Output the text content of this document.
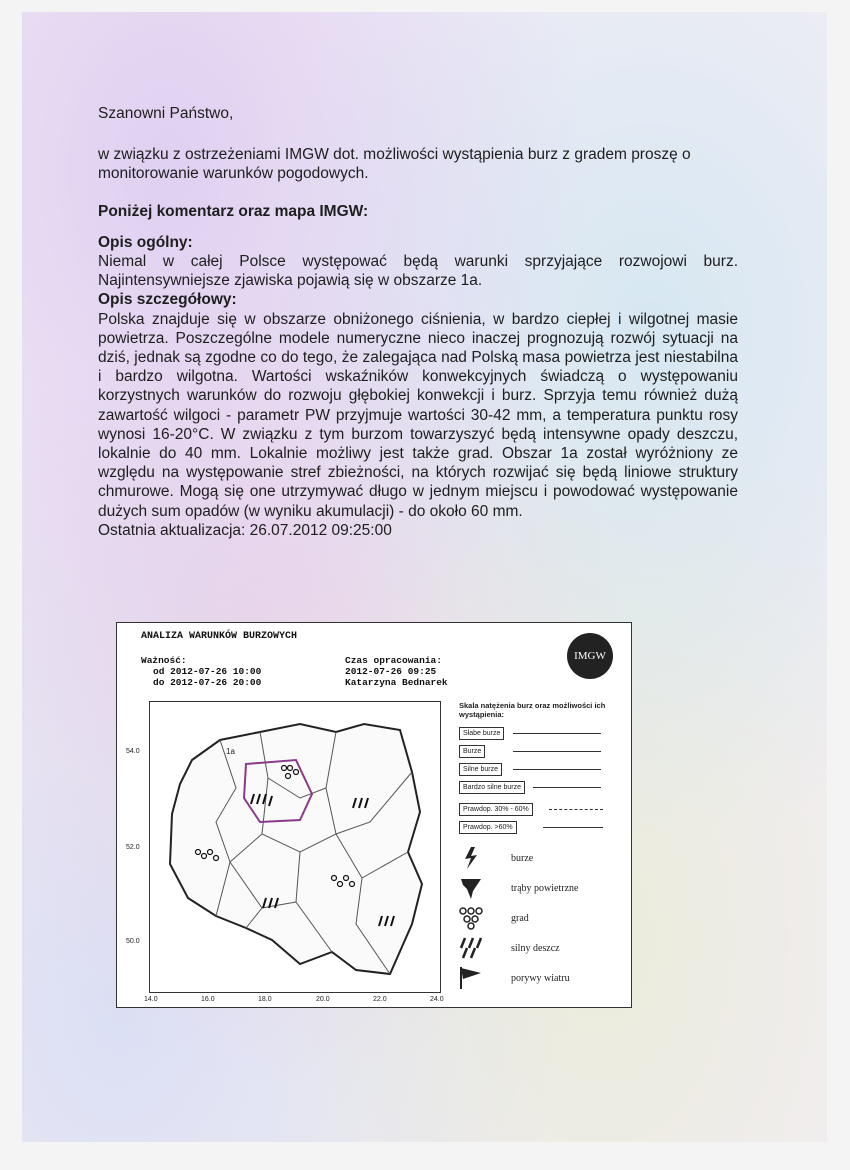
Szanowni Państwo,

w związku z ostrzeżeniami IMGW dot. możliwości wystąpienia burz z gradem proszę o monitorowanie warunków pogodowych.

Poniżej komentarz oraz mapa IMGW:

Opis ogólny:

Niemal w całej Polsce występować będą warunki sprzyjające rozwojowi burz. Najintensywniejsze zjawiska pojawią się w obszarze 1a.

Opis szczegółowy:

Polska znajduje się w obszarze obniżonego ciśnienia, w bardzo ciepłej i wilgotnej masie powietrza. Poszczególne modele numeryczne nieco inaczej prognozują rozwój sytuacji na dziś, jednak są zgodne co do tego, że zalegająca nad Polską masa powietrza jest niestabilna i bardzo wilgotna. Wartości wskaźników konwekcyjnych świadczą o występowaniu korzystnych warunków do rozwoju głębokiej konwekcji i burz. Sprzyja temu również dużą zawartość wilgoci - parametr PW przyjmuje wartości 30-42 mm, a temperatura punktu rosy wynosi 16-20°C. W związku z tym burzom towarzyszyć będą intensywne opady deszczu, lokalnie do 40 mm. Lokalnie możliwy jest także grad. Obszar 1a został wyróżniony ze względu na występowanie stref zbieżności, na których rozwijać się będą liniowe struktury chmurowe. Mogą się one utrzymywać długo w jednym miejscu i powodować występowanie dużych sum opadów (w wyniku akumulacji) - do około 60 mm.

Ostatnia aktualizacja: 26.07.2012 09:25:00

ANALIZA WARUNKÓW BURZOWYCH
Ważność:
od 2012-07-26 10:00
do 2012-07-26 20:00
Czas opracowania:
2012-07-26 09:25
Katarzyna Bednarek
IMGW
1a
54.0
52.0
50.0
14.0	16.0	18.0	20.0	22.0	24.0
Skala natężenia burz oraz możliwości ich wystąpienia:
Słabe burze
Burze
Silne burze
Bardzo silne burze
Prawdop. 30% - 60%
Prawdop. >60%
burze
trąby powietrzne
grad
silny deszcz
porywy wiatru
